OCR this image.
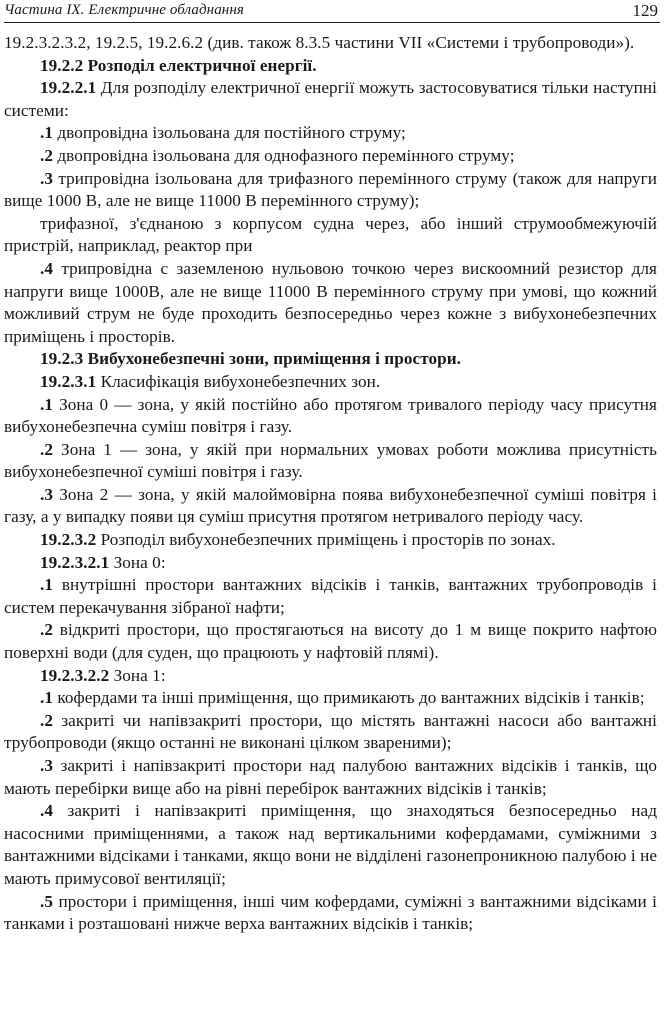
Частина ІХ. Електричне обладнання	129

19.2.3.2.3.2, 19.2.5, 19.2.6.2 (див. також 8.3.5 частини VII «Системи і трубопроводи»).

19.2.2 Розподіл електричної енергії.

19.2.2.1 Для розподілу електричної енергії можуть застосовуватися тільки наступні системи:

.1 двопровідна ізольована для постійного струму;

.2 двопровідна ізольована для однофазного перемінного струму;

.3 трипровідна ізольована для трифазного перемінного струму (також для напруги вище 1000 В, але не вище 11000 В перемінного струму);

трифазної, з'єднаною з корпусом судна через, або інший струмообмежуючій пристрій, наприклад, реактор при

.4 трипровідна с заземленою нульовою точкою через вискоомний резистор для напруги вище 1000В, але не вище 11000 В перемінного струму при умові, що кожний можливий струм не буде проходить безпосередньо через кожне з вибухонебезпечних приміщень і просторів.

19.2.3 Вибухонебезпечні зони, приміщення і простори.

19.2.3.1 Класифікація вибухонебезпечних зон.

.1 Зона 0 — зона, у якій постійно або протягом тривалого періоду часу присутня вибухонебезпечна суміш повітря і газу.

.2 Зона 1 — зона, у якій при нормальних умовах роботи можлива присутність вибухонебезпечної суміші повітря і газу.

.3 Зона 2 — зона, у якій малоймовірна поява вибухонебезпечної суміші повітря і газу, а у випадку появи ця суміш присутня протягом нетривалого періоду часу.

19.2.3.2 Розподіл вибухонебезпечних приміщень і просторів по зонах.

19.2.3.2.1 Зона 0:

.1 внутрішні простори вантажних відсіків і танків, вантажних трубопроводів і систем перекачування зібраної нафти;

.2 відкриті простори, що простягаються на висоту до 1 м вище покрито нафтою поверхні води (для суден, що працюють у нафтовій плямі).

19.2.3.2.2 Зона 1:

.1 кофердами та інші приміщення, що примикають до вантажних відсіків і танків;

.2 закриті чи напівзакриті простори, що містять вантажні насоси або вантажні трубопроводи (якщо останні не виконані цілком звареними);

.3 закриті і напівзакриті простори над палубою вантажних відсіків і танків, що мають перебірки вище або на рівні перебірок вантажних відсіків і танків;

.4 закриті і напівзакриті приміщення, що знаходяться безпосередньо над насосними приміщеннями, а також над вертикальними кофердамами, суміжними з вантажними відсіками і танками, якщо вони не відділені газонепроникною палубою і не мають примусової вентиляції;

.5 простори і приміщення, інші чим кофердами, суміжні з вантажними відсіками і танками і розташовані нижче верха вантажних відсіків і танків;
